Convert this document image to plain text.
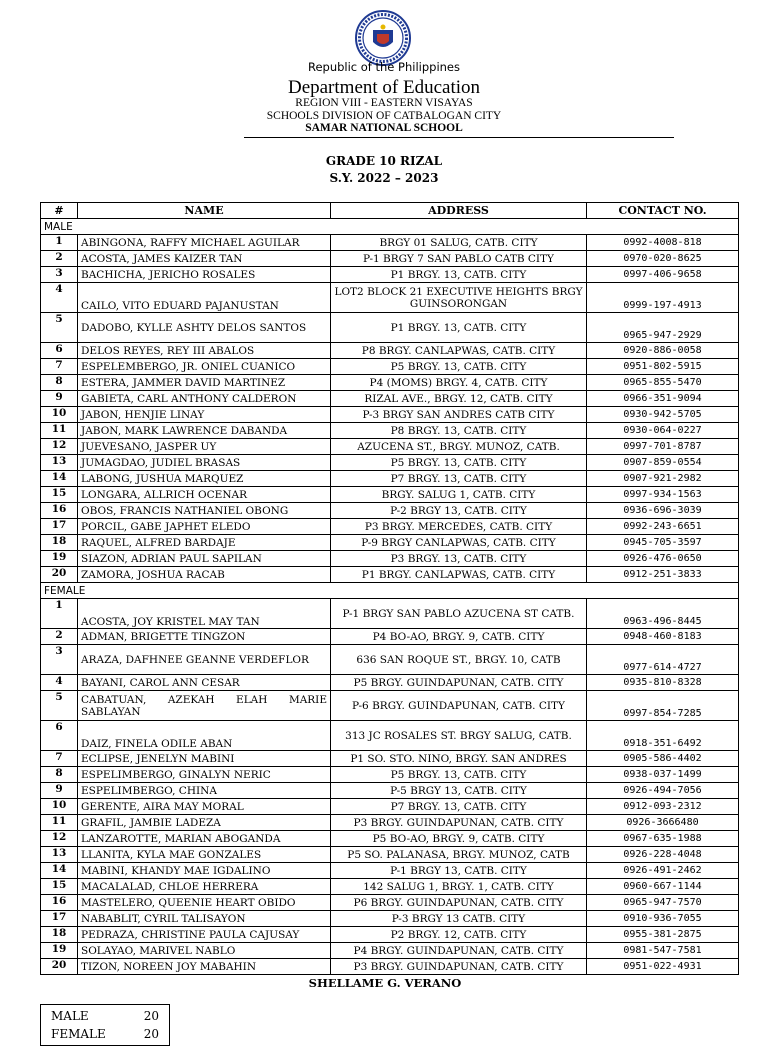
Republic of the Philippines
Department of Education
REGION VIII - EASTERN VISAYAS
SCHOOLS DIVISION OF CATBALOGAN CITY
SAMAR NATIONAL SCHOOL
GRADE 10 RIZAL
S.Y. 2022 – 2023
#	NAME	ADDRESS	CONTACT NO.
MALE			
1	ABINGONA, RAFFY MICHAEL AGUILAR	BRGY 01 SALUG, CATB. CITY	0992-4008-818
2	ACOSTA, JAMES KAIZER TAN	P-1 BRGY 7 SAN PABLO CATB CITY	0970-020-8625
3	BACHICHA, JERICHO ROSALES	P1 BRGY. 13, CATB. CITY	0997-406-9658
4	CAILO, VITO EDUARD PAJANUSTAN	LOT2 BLOCK 21 EXECUTIVE HEIGHTS BRGY GUINSORONGAN	0999-197-4913
5	DADOBO, KYLLE ASHTY DELOS SANTOS	P1 BRGY. 13, CATB. CITY	0965-947-2929
6	DELOS REYES, REY III ABALOS	P8 BRGY. CANLAPWAS, CATB. CITY	0920-886-0058
7	ESPELEMBERGO, JR. ONIEL CUANICO	P5 BRGY. 13, CATB. CITY	0951-802-5915
8	ESTERA, JAMMER DAVID MARTINEZ	P4 (MOMS) BRGY. 4, CATB. CITY	0965-855-5470
9	GABIETA, CARL ANTHONY CALDERON	RIZAL AVE., BRGY. 12, CATB. CITY	0966-351-9094
10	JABON, HENJIE LINAY	P-3 BRGY SAN ANDRES CATB CITY	0930-942-5705
11	JABON, MARK LAWRENCE DABANDA	P8 BRGY. 13, CATB. CITY	0930-064-0227
12	JUEVESANO, JASPER UY	AZUCENA ST., BRGY. MUNOZ, CATB.	0997-701-8787
13	JUMAGDAO, JUDIEL BRASAS	P5 BRGY. 13, CATB. CITY	0907-859-0554
14	LABONG, JUSHUA MARQUEZ	P7 BRGY. 13, CATB. CITY	0907-921-2982
15	LONGARA, ALLRICH OCENAR	BRGY. SALUG 1, CATB. CITY	0997-934-1563
16	OBOS, FRANCIS NATHANIEL OBONG	P-2 BRGY 13, CATB. CITY	0936-696-3039
17	PORCIL, GABE JAPHET ELEDO	P3 BRGY. MERCEDES, CATB. CITY	0992-243-6651
18	RAQUEL, ALFRED BARDAJE	P-9 BRGY CANLAPWAS, CATB. CITY	0945-705-3597
19	SIAZON, ADRIAN PAUL SAPILAN	P3 BRGY. 13, CATB. CITY	0926-476-0650
20	ZAMORA, JOSHUA RACAB	P1 BRGY. CANLAPWAS, CATB. CITY	0912-251-3833
FEMALE			
1	ACOSTA, JOY KRISTEL MAY TAN	P-1 BRGY SAN PABLO AZUCENA ST CATB.	0963-496-8445
2	ADMAN, BRIGETTE TINGZON	P4 BO-AO, BRGY. 9, CATB. CITY	0948-460-8183
3	ARAZA, DAFHNEE GEANNE VERDEFLOR	636 SAN ROQUE ST., BRGY. 10, CATB	0977-614-4727
4	BAYANI, CAROL ANN CESAR	P5 BRGY. GUINDAPUNAN, CATB. CITY	0935-810-8328
5	CABATUAN, AZEKAH ELAH MARIE SABLAYAN	P-6 BRGY. GUINDAPUNAN, CATB. CITY	0997-854-7285
6	DAIZ, FINELA ODILE ABAN	313 JC ROSALES ST. BRGY SALUG, CATB.	0918-351-6492
7	ECLIPSE, JENELYN MABINI	P1 SO. STO. NINO, BRGY. SAN ANDRES	0905-586-4402
8	ESPELIMBERGO, GINALYN NERIC	P5 BRGY. 13, CATB. CITY	0938-037-1499
9	ESPELIMBERGO, CHINA	P-5 BRGY 13, CATB. CITY	0926-494-7056
10	GERENTE, AIRA MAY MORAL	P7 BRGY. 13, CATB. CITY	0912-093-2312
11	GRAFIL, JAMBIE LADEZA	P3 BRGY. GUINDAPUNAN, CATB. CITY	0926-3666480
12	LANZAROTTE, MARIAN ABOGANDA	P5 BO-AO, BRGY. 9, CATB. CITY	0967-635-1988
13	LLANITA, KYLA MAE GONZALES	P5 SO. PALANASA, BRGY. MUNOZ, CATB	0926-228-4048
14	MABINI, KHANDY MAE IGDALINO	P-1 BRGY 13, CATB. CITY	0926-491-2462
15	MACALALAD, CHLOE HERRERA	142 SALUG 1, BRGY. 1, CATB. CITY	0960-667-1144
16	MASTELERO, QUEENIE HEART OBIDO	P6 BRGY. GUINDAPUNAN, CATB. CITY	0965-947-7570
17	NABABLIT, CYRIL TALISAYON	P-3 BRGY 13 CATB. CITY	0910-936-7055
18	PEDRAZA, CHRISTINE PAULA CAJUSAY	P2 BRGY. 12, CATB. CITY	0955-381-2875
19	SOLAYAO, MARIVEL NABLO	P4 BRGY. GUINDAPUNAN, CATB. CITY	0981-547-7581
20	TIZON, NOREEN JOY MABAHIN	P3 BRGY. GUINDAPUNAN, CATB. CITY	0951-022-4931
SHELLAME G. VERANO
MALE	20
FEMALE	20
